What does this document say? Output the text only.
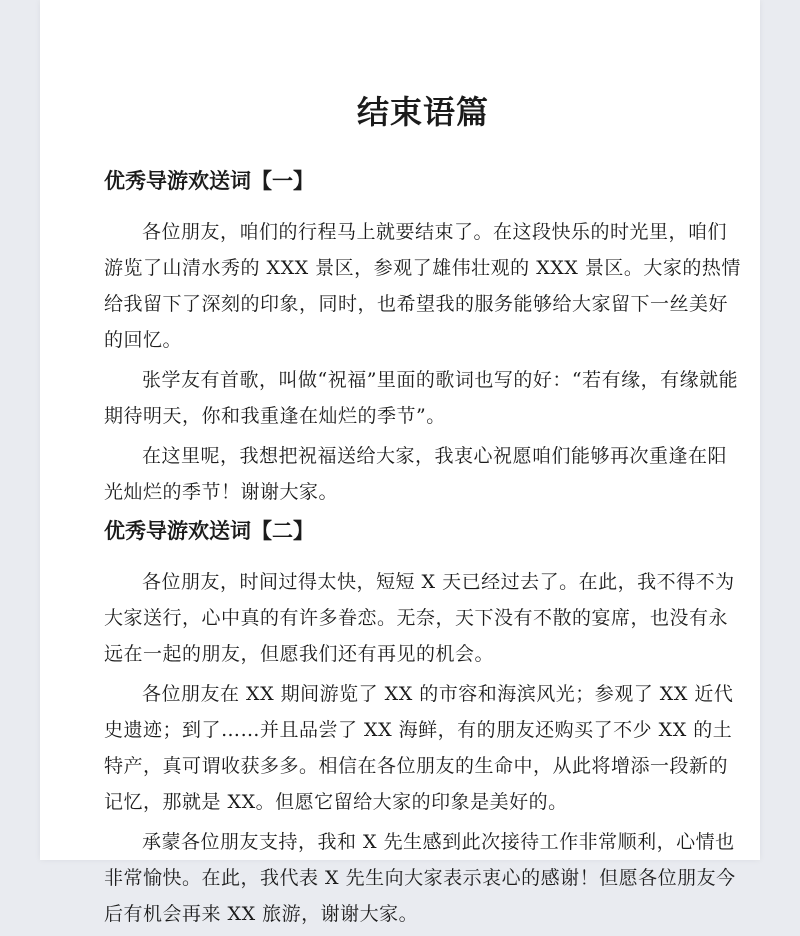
结束语篇
优秀导游欢送词【一】

各位朋友，咱们的行程马上就要结束了。在这段快乐的时光里，咱们游览了山清水秀的 XXX 景区，参观了雄伟壮观的 XXX 景区。大家的热情给我留下了深刻的印象，同时，也希望我的服务能够给大家留下一丝美好的回忆。

张学友有首歌，叫做“祝福”里面的歌词也写的好：“若有缘，有缘就能期待明天，你和我重逢在灿烂的季节”。

在这里呢，我想把祝福送给大家，我衷心祝愿咱们能够再次重逢在阳光灿烂的季节！谢谢大家。

优秀导游欢送词【二】

各位朋友，时间过得太快，短短 X 天已经过去了。在此，我不得不为大家送行，心中真的有许多眷恋。无奈，天下没有不散的宴席，也没有永远在一起的朋友，但愿我们还有再见的机会。

各位朋友在 XX 期间游览了 XX 的市容和海滨风光；参观了 XX 近代史遗迹；到了……并且品尝了 XX 海鲜，有的朋友还购买了不少 XX 的土特产，真可谓收获多多。相信在各位朋友的生命中，从此将增添一段新的记忆，那就是 XX。但愿它留给大家的印象是美好的。

承蒙各位朋友支持，我和 X 先生感到此次接待工作非常顺利，心情也非常愉快。在此，我代表 X 先生向大家表示衷心的感谢！但愿各位朋友今后有机会再来 XX 旅游，谢谢大家。
